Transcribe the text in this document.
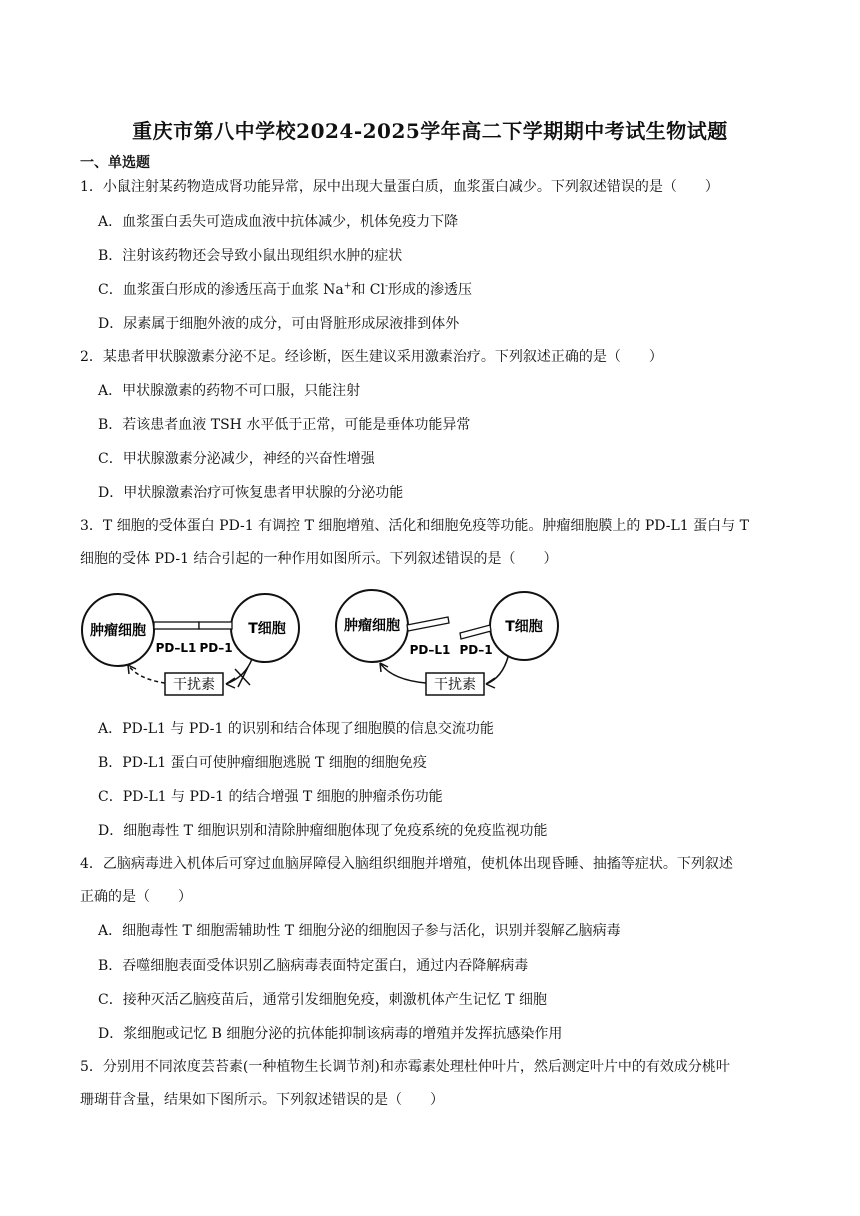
重庆市第八中学校2024-2025学年高二下学期期中考试生物试题
一、单选题
1．小鼠注射某药物造成肾功能异常，尿中出现大量蛋白质，血浆蛋白减少。下列叙述错误的是（　　）
A．血浆蛋白丢失可造成血液中抗体减少，机体免疫力下降
B．注射该药物还会导致小鼠出现组织水肿的症状
C．血浆蛋白形成的渗透压高于血浆 Na+和 Cl-形成的渗透压
D．尿素属于细胞外液的成分，可由肾脏形成尿液排到体外
2．某患者甲状腺激素分泌不足。经诊断，医生建议采用激素治疗。下列叙述正确的是（　　）
A．甲状腺激素的药物不可口服，只能注射
B．若该患者血液 TSH 水平低于正常，可能是垂体功能异常
C．甲状腺激素分泌减少，神经的兴奋性增强
D．甲状腺激素治疗可恢复患者甲状腺的分泌功能
3．T 细胞的受体蛋白 PD-1 有调控 T 细胞增殖、活化和细胞免疫等功能。肿瘤细胞膜上的 PD-L1 蛋白与 T
细胞的受体 PD-1 结合引起的一种作用如图所示。下列叙述错误的是（　　）
肿瘤细胞	T细胞
PD–L1 PD–1
干扰素
肿瘤细胞	T细胞
PD–L1 PD–1
干扰素
A．PD-L1 与 PD-1 的识别和结合体现了细胞膜的信息交流功能
B．PD-L1 蛋白可使肿瘤细胞逃脱 T 细胞的细胞免疫
C．PD-L1 与 PD-1 的结合增强 T 细胞的肿瘤杀伤功能
D．细胞毒性 T 细胞识别和清除肿瘤细胞体现了免疫系统的免疫监视功能
4．乙脑病毒进入机体后可穿过血脑屏障侵入脑组织细胞并增殖，使机体出现昏睡、抽搐等症状。下列叙述
正确的是（　　）
A．细胞毒性 T 细胞需辅助性 T 细胞分泌的细胞因子参与活化，识别并裂解乙脑病毒
B．吞噬细胞表面受体识别乙脑病毒表面特定蛋白，通过内吞降解病毒
C．接种灭活乙脑疫苗后，通常引发细胞免疫，刺激机体产生记忆 T 细胞
D．浆细胞或记忆 B 细胞分泌的抗体能抑制该病毒的增殖并发挥抗感染作用
5．分别用不同浓度芸苔素(一种植物生长调节剂)和赤霉素处理杜仲叶片，然后测定叶片中的有效成分桃叶
珊瑚苷含量，结果如下图所示。下列叙述错误的是（　　）
